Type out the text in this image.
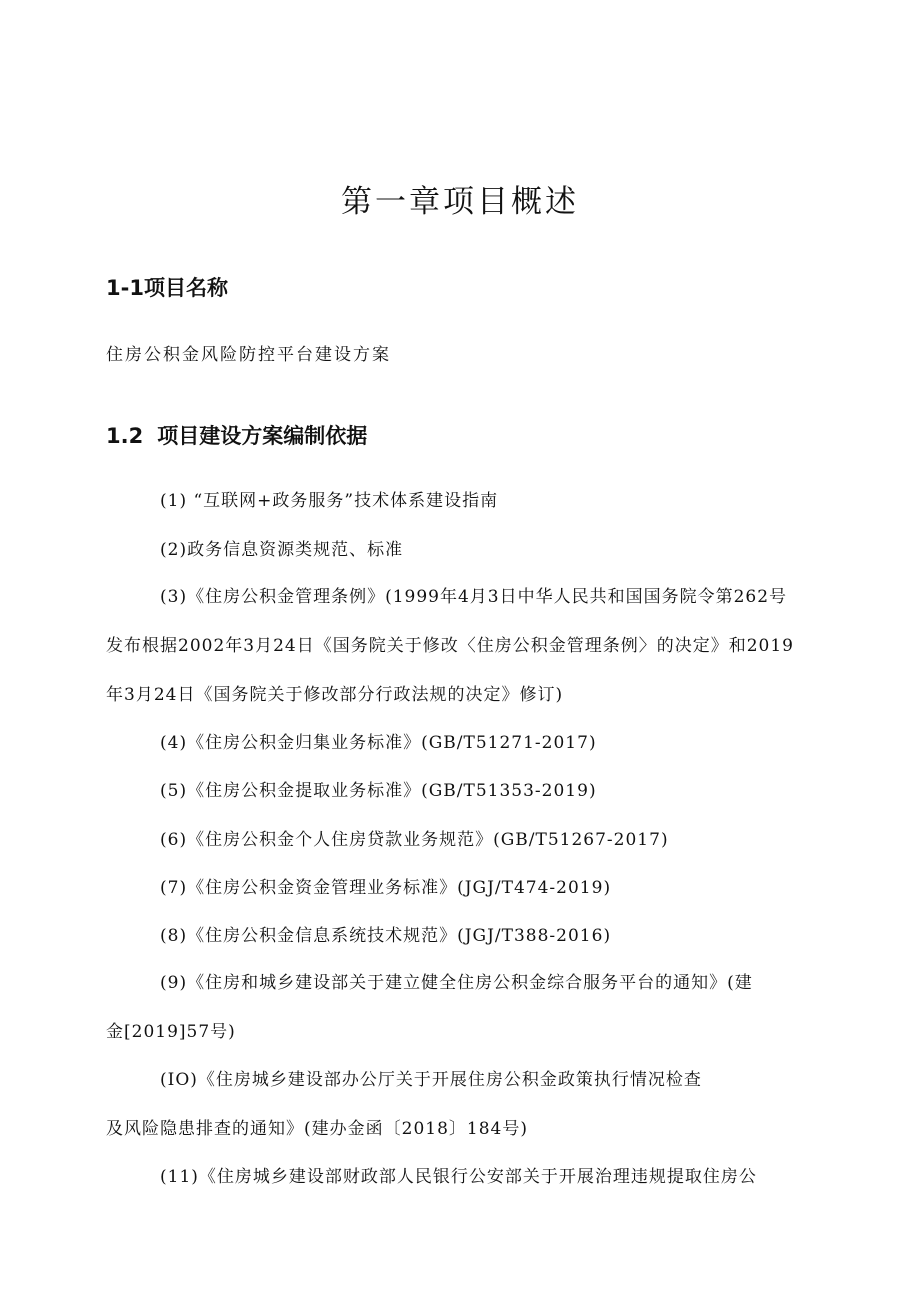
第一章项目概述
1-1项目名称

住房公积金风险防控平台建设方案

1.2 项目建设方案编制依据

(1) “互联网+政务服务”技术体系建设指南

(2)政务信息资源类规范、标准

(3)《住房公积金管理条例》(1999年4月3日中华人民共和国国务院令第262号

发布根据2002年3月24日《国务院关于修改〈住房公积金管理条例〉的决定》和2019

年3月24日《国务院关于修改部分行政法规的决定》修订)

(4)《住房公积金归集业务标准》(GB/T51271-2017)

(5)《住房公积金提取业务标准》(GB/T51353-2019)

(6)《住房公积金个人住房贷款业务规范》(GB/T51267-2017)

(7)《住房公积金资金管理业务标准》(JGJ/T474-2019)

(8)《住房公积金信息系统技术规范》(JGJ/T388-2016)

(9)《住房和城乡建设部关于建立健全住房公积金综合服务平台的通知》(建

金[2019]57号)

(IO)《住房城乡建设部办公厅关于开展住房公积金政策执行情况检查

及风险隐患排查的通知》(建办金函〔2018〕184号)

(11)《住房城乡建设部财政部人民银行公安部关于开展治理违规提取住房公
